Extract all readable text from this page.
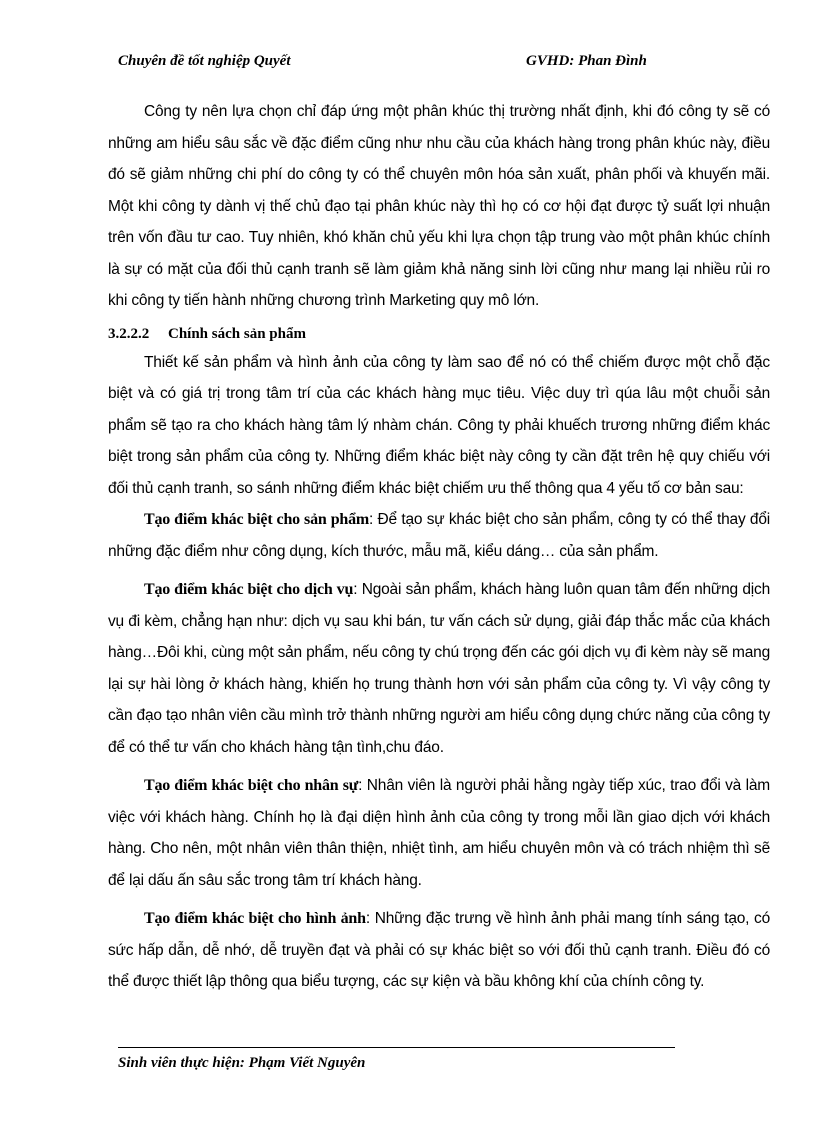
Chuyên đề tốt nghiệp Quyết	GVHD: Phan Đình

Công ty nên lựa chọn chỉ đáp ứng một phân khúc thị trường nhất định, khi đó công ty sẽ có những am hiểu sâu sắc về đặc điểm cũng như nhu cầu của khách hàng trong phân khúc này, điều đó sẽ giảm những chi phí do công ty có thể chuyên môn hóa sản xuất, phân phối và khuyến mãi. Một khi công ty dành vị thế chủ đạo tại phân khúc này thì họ có cơ hội đạt được tỷ suất lợi nhuận trên vốn đầu tư cao. Tuy nhiên, khó khăn chủ yếu khi lựa chọn tập trung vào một phân khúc chính là sự có mặt của đối thủ cạnh tranh sẽ làm giảm khả năng sinh lời cũng như mang lại nhiều rủi ro khi công ty tiến hành những chương trình Marketing quy mô lớn.

3.2.2.2 Chính sách sản phẩm

Thiết kế sản phẩm và hình ảnh của công ty làm sao để nó có thể chiếm được một chỗ đặc biệt và có giá trị trong tâm trí của các khách hàng mục tiêu. Việc duy trì qúa lâu một chuỗi sản phẩm sẽ tạo ra cho khách hàng tâm lý nhàm chán. Công ty phải khuếch trương những điểm khác biệt trong sản phẩm của công ty. Những điểm khác biệt này công ty cần đặt trên hệ quy chiếu với đối thủ cạnh tranh, so sánh những điểm khác biệt chiếm ưu thế thông qua 4 yếu tố cơ bản sau:

Tạo điểm khác biệt cho sản phẩm: Để tạo sự khác biệt cho sản phẩm, công ty có thể thay đổi những đặc điểm như công dụng, kích thước, mẫu mã, kiểu dáng… của sản phẩm.

Tạo điểm khác biệt cho dịch vụ: Ngoài sản phẩm, khách hàng luôn quan tâm đến những dịch vụ đi kèm, chẳng hạn như: dịch vụ sau khi bán, tư vấn cách sử dụng, giải đáp thắc mắc của khách hàng…Đôi khi, cùng một sản phẩm, nếu công ty chú trọng đến các gói dịch vụ đi kèm này sẽ mang lại sự hài lòng ở khách hàng, khiến họ trung thành hơn với sản phẩm của công ty. Vì vậy công ty cần đạo tạo nhân viên cầu mình trở thành những người am hiểu công dụng chức năng của công ty để có thể tư vấn cho khách hàng tận tình,chu đáo.

Tạo điểm khác biệt cho nhân sự: Nhân viên là người phải hằng ngày tiếp xúc, trao đổi và làm việc với khách hàng. Chính họ là đại diện hình ảnh của công ty trong mỗi lần giao dịch với khách hàng. Cho nên, một nhân viên thân thiện, nhiệt tình, am hiểu chuyên môn và có trách nhiệm thì sẽ để lại dấu ấn sâu sắc trong tâm trí khách hàng.

Tạo điểm khác biệt cho hình ảnh: Những đặc trưng về hình ảnh phải mang tính sáng tạo, có sức hấp dẫn, dễ nhớ, dễ truyền đạt và phải có sự khác biệt so với đối thủ cạnh tranh. Điều đó có thể được thiết lập thông qua biểu tượng, các sự kiện và bầu không khí của chính công ty.

Sinh viên thực hiện: Phạm Viết Nguyên
